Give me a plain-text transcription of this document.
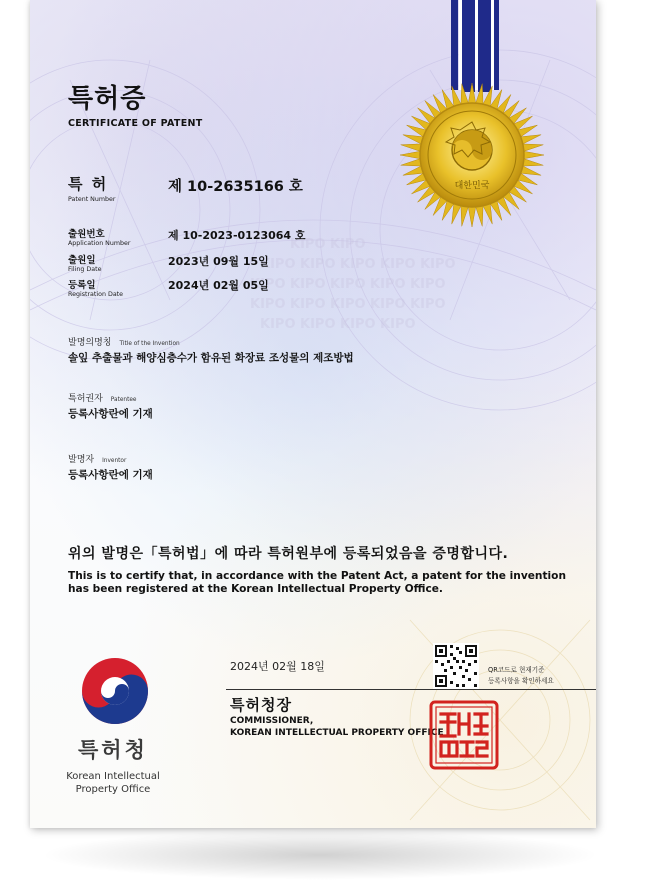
KIPO KIPO
KIPO KIPO KIPO KIPO KIPO
KIPO KIPO KIPO KIPO KIPO
KIPO KIPO KIPO KIPO KIPO
KIPO KIPO KIPO KIPO
대한민국
특허증
CERTIFICATE OF PATENT
특 허
Patent Number
제 10-2635166 호
출원번호
Application Number
제 10-2023-0123064 호
출원일
Filing Date
2023년 09월 15일
등록일
Registration Date
2024년 02월 05일
발명의명칭 Title of the Invention
솔잎 추출물과 해양심층수가 함유된 화장료 조성물의 제조방법
특허권자 Patentee
등록사항란에 기재
발명자 Inventor
등록사항란에 기재
위의 발명은「특허법」에 따라 특허원부에 등록되었음을 증명합니다.
This is to certify that, in accordance with the Patent Act, a patent for the invention
has been registered at the Korean Intellectual Property Office.
특허청
Korean Intellectual
Property Office
2024년 02월 18일	QR코드로 현재기준
등록사항을 확인하세요
특허청장
COMMISSIONER,
KOREAN INTELLECTUAL PROPERTY OFFICE
